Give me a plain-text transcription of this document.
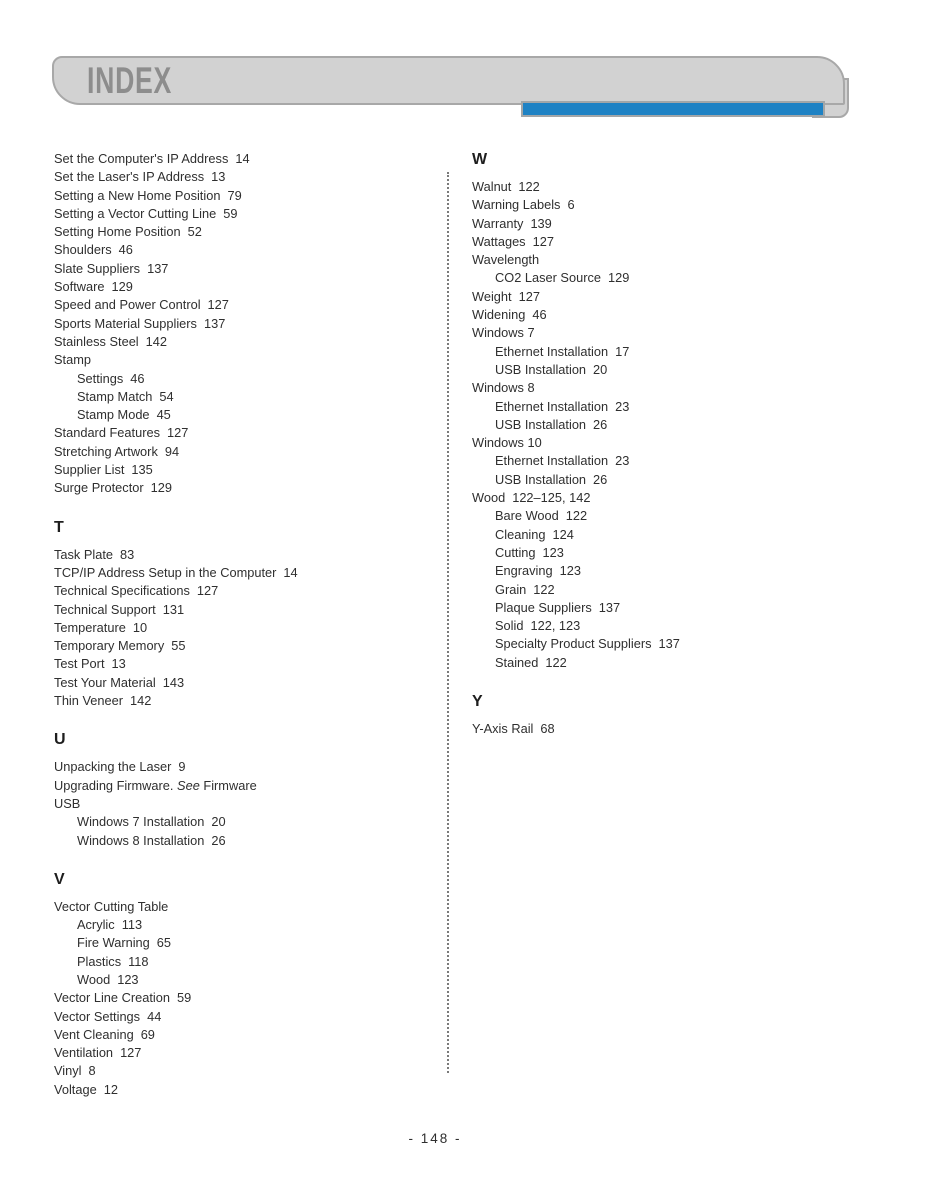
INDEX
Set the Computer's IP Address 14
Set the Laser's IP Address 13
Setting a New Home Position 79
Setting a Vector Cutting Line 59
Setting Home Position 52
Shoulders 46
Slate Suppliers 137
Software 129
Speed and Power Control 127
Sports Material Suppliers 137
Stainless Steel 142
Stamp
Settings 46
Stamp Match 54
Stamp Mode 45
Standard Features 127
Stretching Artwork 94
Supplier List 135
Surge Protector 129
T
Task Plate 83
TCP/IP Address Setup in the Computer 14
Technical Specifications 127
Technical Support 131
Temperature 10
Temporary Memory 55
Test Port 13
Test Your Material 143
Thin Veneer 142
U
Unpacking the Laser 9
Upgrading Firmware. See Firmware
USB
Windows 7 Installation 20
Windows 8 Installation 26
V
Vector Cutting Table
Acrylic 113
Fire Warning 65
Plastics 118
Wood 123
Vector Line Creation 59
Vector Settings 44
Vent Cleaning 69
Ventilation 127
Vinyl 8
Voltage 12
W
Walnut 122
Warning Labels 6
Warranty 139
Wattages 127
Wavelength
CO2 Laser Source 129
Weight 127
Widening 46
Windows 7
Ethernet Installation 17
USB Installation 20
Windows 8
Ethernet Installation 23
USB Installation 26
Windows 10
Ethernet Installation 23
USB Installation 26
Wood 122–125, 142
Bare Wood 122
Cleaning 124
Cutting 123
Engraving 123
Grain 122
Plaque Suppliers 137
Solid 122, 123
Specialty Product Suppliers 137
Stained 122
Y
Y-Axis Rail 68
- 148 -
